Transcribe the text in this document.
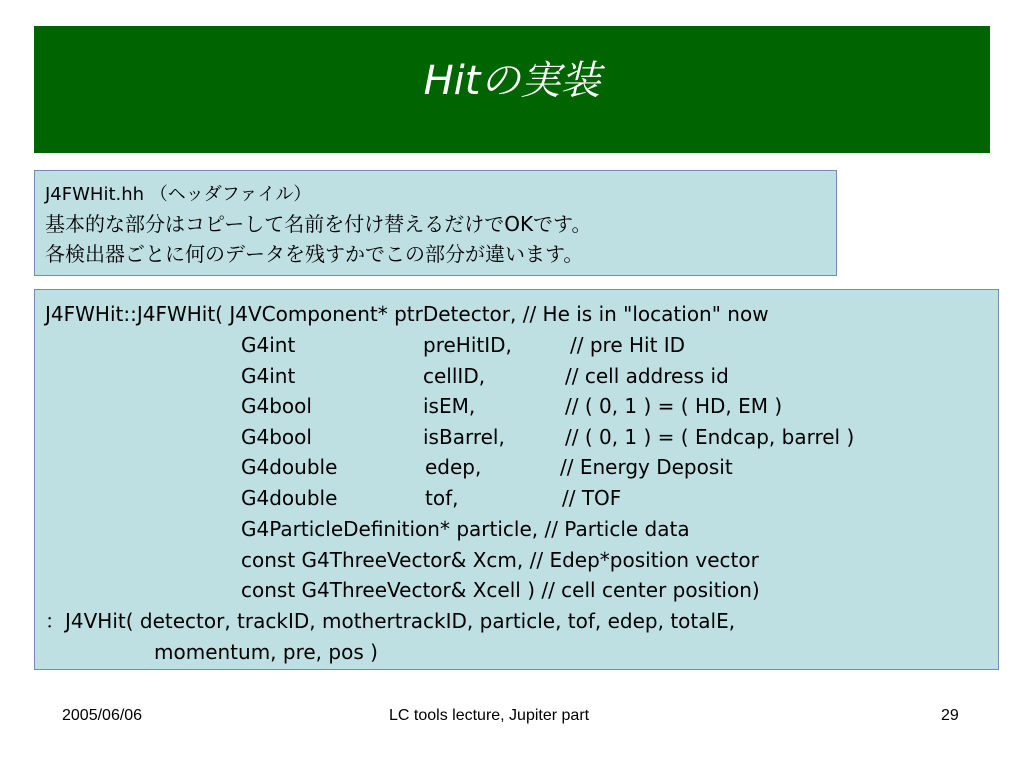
Hitの実装
J4FWHit.hh （ヘッダファイル）
基本的な部分はコピーして名前を付け替えるだけでOKです。
各検出器ごとに何のデータを残すかでこの部分が違います。
J4FWHit::J4FWHit( J4VComponent* ptrDetector, // He is in "location" now
G4int	preHitID,	// pre Hit ID
G4int	cellID,	// cell address id
G4bool	isEM,	// ( 0, 1 ) = ( HD, EM )
G4bool	isBarrel,	// ( 0, 1 ) = ( Endcap, barrel )
G4double	edep,	// Energy Deposit
G4double	tof,	// TOF
G4ParticleDefinition* particle, // Particle data
const G4ThreeVector& Xcm, // Edep*position vector
const G4ThreeVector& Xcell ) // cell center position)
：J4VHit( detector, trackID, mothertrackID, particle, tof, edep, totalE,
momentum, pre, pos )
2005/06/06	LC tools lecture, Jupiter part	29
